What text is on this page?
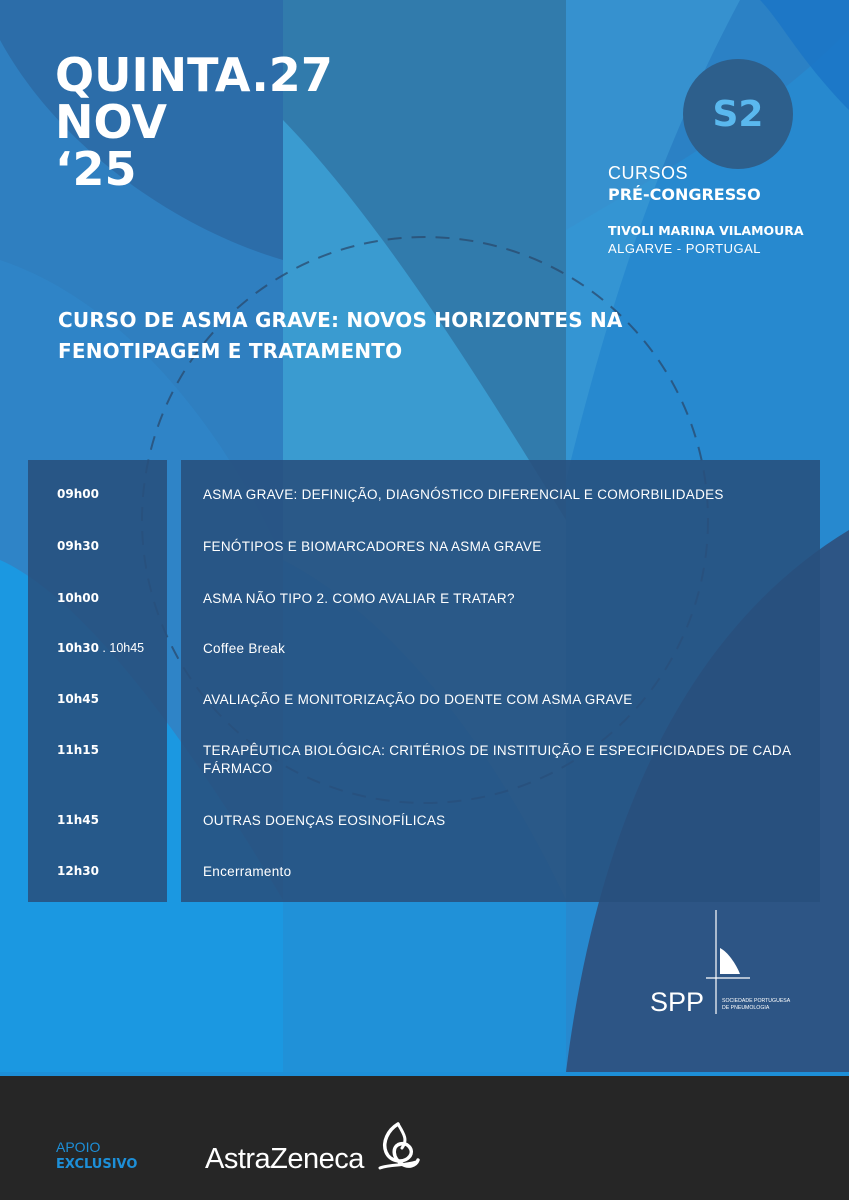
QUINTA.27
NOV
‘25
S2
CURSOS
PRÉ-CONGRESSO
TIVOLI MARINA VILAMOURA
ALGARVE - PORTUGAL
CURSO DE ASMA GRAVE: NOVOS HORIZONTES NA
FENOTIPAGEM E TRATAMENTO
09h00	ASMA GRAVE: DEFINIÇÃO, DIAGNÓSTICO DIFERENCIAL E COMORBILIDADES
09h30	FENÓTIPOS E BIOMARCADORES NA ASMA GRAVE
10h00	ASMA NÃO TIPO 2. COMO AVALIAR E TRATAR?
10h30 . 10h45	Coffee Break
10h45	AVALIAÇÃO E MONITORIZAÇÃO DO DOENTE COM ASMA GRAVE
11h15	TERAPÊUTICA BIOLÓGICA: CRITÉRIOS DE INSTITUIÇÃO E ESPECIFICIDADES DE CADA FÁRMACO
11h45	OUTRAS DOENÇAS EOSINOFÍLICAS
12h30	Encerramento
SPP	SOCIEDADE PORTUGUESA
DE PNEUMOLOGIA
APOIO
EXCLUSIVO AstraZeneca
